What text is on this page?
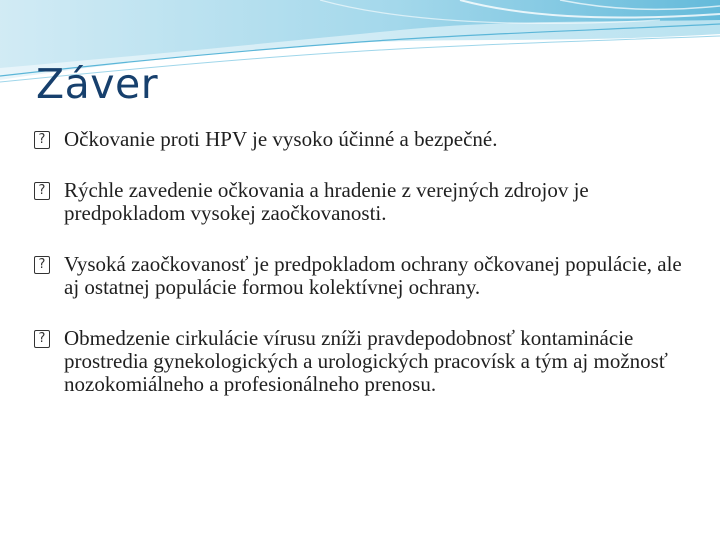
Záver
? Očkovanie proti HPV je vysoko účinné a bezpečné.
? Rýchle zavedenie očkovania a hradenie z verejných zdrojov je predpokladom vysokej zaočkovanosti.
? Vysoká zaočkovanosť je predpokladom ochrany očkovanej populácie, ale aj ostatnej populácie formou kolektívnej ochrany.
? Obmedzenie cirkulácie vírusu zníži pravdepodobnosť kontaminácie prostredia gynekologických a urologických pracovísk a tým aj možnosť nozokomiálneho a profesionálneho prenosu.
